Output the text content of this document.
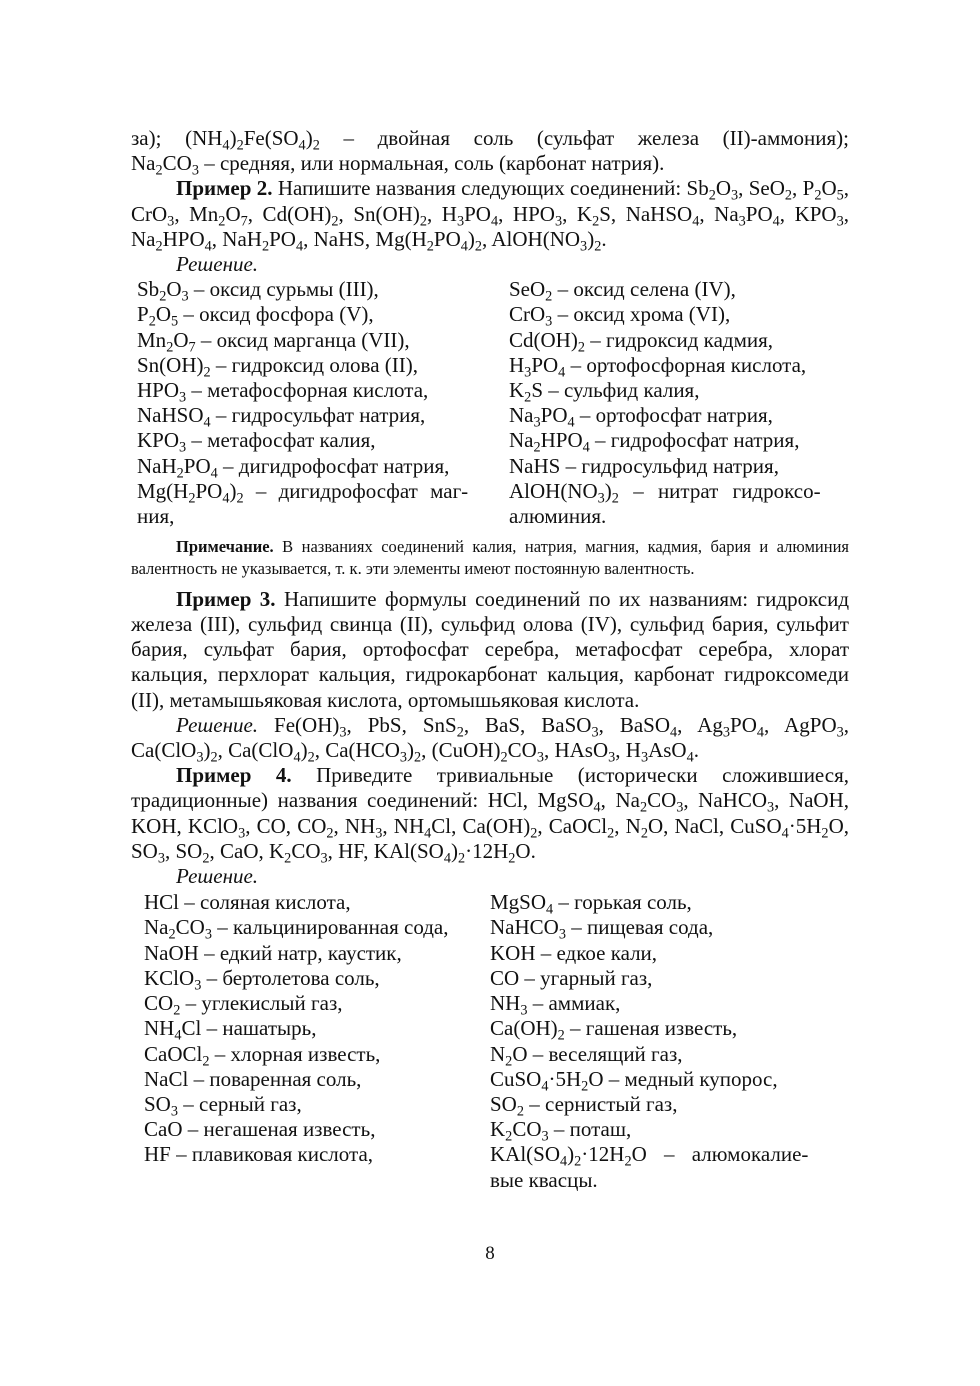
за); $(NH_4)_2Fe(SO_4)_2$ – двойная соль (сульфат железа (II)-аммония);
$Na_2CO_3$ – средняя, или нормальная, соль (карбонат натрия).

Пример 2. Напишите названия следующих соединений: $Sb_2O_3$, SeO$_2$, $P_2O_5$, CrO$_3$, $Mn_2O_7$, $Cd(OH)_2$, $Sn(OH)_2$, $H_3PO_4$, $HPO_3$, $K_2S$, NaHSO$_4$, $Na_3PO_4$, $KPO_3$, $Na_2HPO_4$, $NaH_2PO_4$, NaHS, $Mg(H_2PO_4)_2$, $AlOH(NO_3)_2$.

Решение.

$Sb_2O_3$ – оксид сурьмы (III),
$P_2O_5$ – оксид фосфора (V),
$Mn_2O_7$ – оксид марганца (VII),
$Sn(OH)_2$ – гидроксид олова (II),
$HPO_3$ – метафосфорная кислота,
NaHSO$_4$ – гидросульфат натрия,
$KPO_3$ – метафосфат калия,
$NaH_2PO_4$ – дигидрофосфат натрия,
$Mg(H_2PO_4)_2$ – дигидрофосфат маг-
ния,
SeO$_2$ – оксид селена (IV),
CrO$_3$ – оксид хрома (VI),
$Cd(OH)_2$ – гидроксид кадмия,
$H_3PO_4$ – ортофосфорная кислота,
$K_2S$ – сульфид калия,
$Na_3PO_4$ – ортофосфат натрия,
$Na_2HPO_4$ – гидрофосфат натрия,
NaHS – гидросульфид натрия,
$AlOH(NO_3)_2$ – нитрат гидроксо-
алюминия.

Примечание. В названиях соединений калия, натрия, магния, кадмия, бария и алюминия валентность не указывается, т. к. эти элементы имеют постоянную валентность.

Пример 3. Напишите формулы соединений по их названиям: гидроксид железа (III), сульфид свинца (II), сульфид олова (IV), сульфид бария, сульфит бария, сульфат бария, ортофосфат серебра, метафосфат серебра, хлорат кальция, перхлорат кальция, гидрокарбонат кальция, карбонат гидроксомеди (II), метамышьяковая кислота, ортомышьяковая кислота.

Решение. $Fe(OH)_3$, PbS, SnS$_2$, BaS, BaSO$_3$, BaSO$_4$, $Ag_3PO_4$, AgPO$_3$, $Ca(ClO_3)_2$, $Ca(ClO_4)_2$, $Ca(HCO_3)_2$, $(CuOH)_2CO_3$, HAsO$_3$, $H_3AsO_4$.

Пример 4. Приведите тривиальные (исторически сложившиеся, традиционные) названия соединений: HCl, MgSO$_4$, $Na_2CO_3$, NaHCO$_3$, NaOH, KOH, KClO$_3$, CO, $CO_2$, $NH_3$, $NH_4Cl$, $Ca(OH)_2$, CaOCl$_2$, $N_2O$, NaCl, $CuSO_4\cdot 5H_2O$, $SO_3$, $SO_2$, CaO, $K_2CO_3$, HF, $KAl(SO_4)_2\cdot 12H_2O$.

Решение.

HCl – соляная кислота,
$Na_2CO_3$ – кальцинированная сода,
NaOH – едкий натр, каустик,
KClO$_3$ – бертолетова соль,
$CO_2$ – углекислый газ,
$NH_4Cl$ – нашатырь,
CaOCl$_2$ – хлорная известь,
NaCl – поваренная соль,
$SO_3$ – серный газ,
CaO – негашеная известь,
HF – плавиковая кислота,
MgSO$_4$ – горькая соль,
NaHCO$_3$ – пищевая сода,
KOH – едкое кали,
CO – угарный газ,
$NH_3$ – аммиак,
$Ca(OH)_2$ – гашеная известь,
$N_2O$ – веселящий газ,
$CuSO_4\cdot 5H_2O$ – медный купорос,
$SO_2$ – сернистый газ,
$K_2CO_3$ – поташ,
$KAl(SO_4)_2\cdot 12H_2O$ – алюмокалие-
вые квасцы.
8
